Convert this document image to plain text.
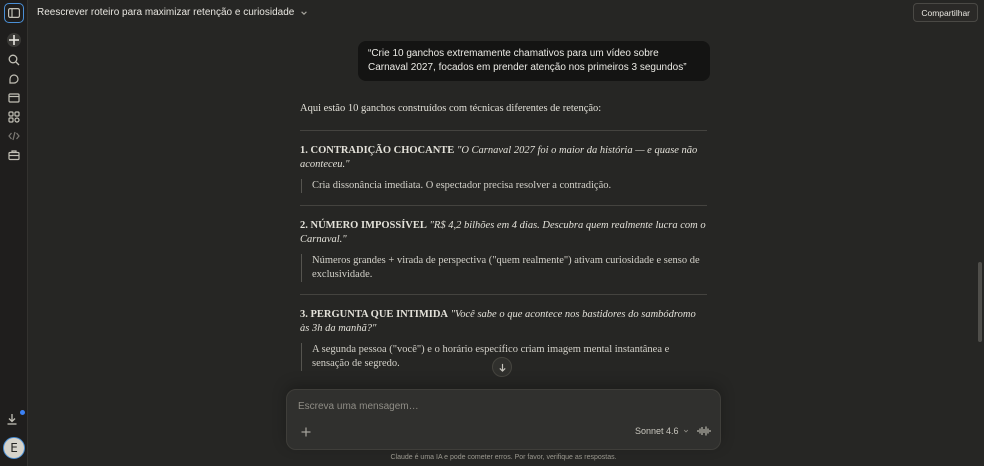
E
Reescrever roteiro para maximizar retenção e curiosidade	Compartilhar
“Crie 10 ganchos extremamente chamativos para um vídeo sobre Carnaval 2027, focados em prender atenção nos primeiros 3 segundos”

Aqui estão 10 ganchos construídos com técnicas diferentes de retenção:

1. CONTRADIÇÃO CHOCANTE "O Carnaval 2027 foi o maior da história — e quase não aconteceu."

Cria dissonância imediata. O espectador precisa resolver a contradição.

2. NÚMERO IMPOSSÍVEL "R$ 4,2 bilhões em 4 dias. Descubra quem realmente lucra com o Carnaval."

Números grandes + virada de perspectiva ("quem realmente") ativam curiosidade e senso de exclusividade.

3. PERGUNTA QUE INTIMIDA "Você sabe o que acontece nos bastidores do sambódromo às 3h da manhã?"

A segunda pessoa ("você") e o horário específico criam imagem mental instantânea e sensação de segredo.

Escreva uma mensagem…
Sonnet 4.6
Claude é uma IA e pode cometer erros. Por favor, verifique as respostas.
